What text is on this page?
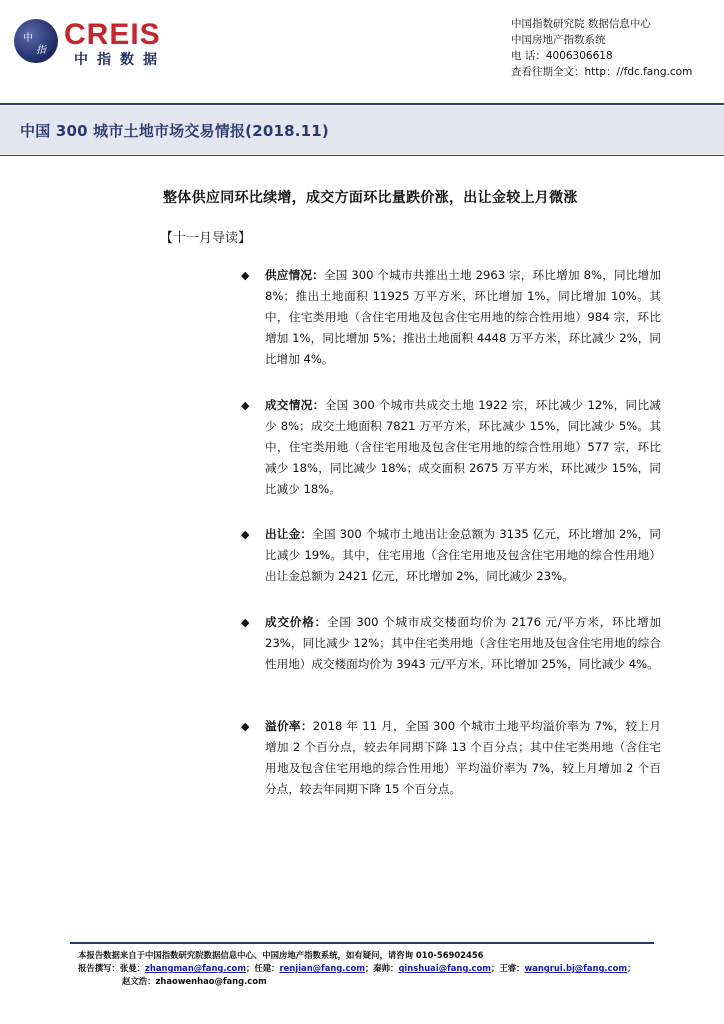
中
指 CREIS
中指数据
中国指数研究院 数据信息中心
中国房地产指数系统
电 话：4006306618
查看往期全文：http：//fdc.fang.com
中国 300 城市土地市场交易情报(2018.11)
整体供应同环比续增，成交方面环比量跌价涨，出让金较上月微涨
【十一月导读】
◆ 供应情况：全国 300 个城市共推出土地 2963 宗，环比增加 8%，同比增加 8%；推出土地面积 11925 万平方米，环比增加 1%，同比增加 10%。其中，住宅类用地（含住宅用地及包含住宅用地的综合性用地）984 宗，环比增加 1%，同比增加 5%；推出土地面积 4448 万平方米，环比减少 2%，同比增加 4%。
◆ 成交情况：全国 300 个城市共成交土地 1922 宗，环比减少 12%，同比减少 8%；成交土地面积 7821 万平方米，环比减少 15%，同比减少 5%。其中，住宅类用地（含住宅用地及包含住宅用地的综合性用地）577 宗，环比减少 18%，同比减少 18%；成交面积 2675 万平方米，环比减少 15%，同比减少 18%。
◆ 出让金：全国 300 个城市土地出让金总额为 3135 亿元，环比增加 2%，同比减少 19%。其中，住宅用地（含住宅用地及包含住宅用地的综合性用地）出让金总额为 2421 亿元，环比增加 2%，同比减少 23%。
◆ 成交价格：全国 300 个城市成交楼面均价为 2176 元/平方米，环比增加 23%，同比减少 12%；其中住宅类用地（含住宅用地及包含住宅用地的综合性用地）成交楼面均价为 3943 元/平方米，环比增加 25%，同比减少 4%。
◆ 溢价率：2018 年 11 月，全国 300 个城市土地平均溢价率为 7%，较上月增加 2 个百分点，较去年同期下降 13 个百分点；其中住宅类用地（含住宅用地及包含住宅用地的综合性用地）平均溢价率为 7%，较上月增加 2 个百分点，较去年同期下降 15 个百分点。
本报告数据来自于中国指数研究院数据信息中心、中国房地产指数系统，如有疑问，请咨询 010-56902456
报告撰写：张曼：zhangman@fang.com；任建：renjian@fang.com；秦帅：qinshuai@fang.com；王睿：wangrui.bj@fang.com；
赵文浩：zhaowenhao@fang.com
